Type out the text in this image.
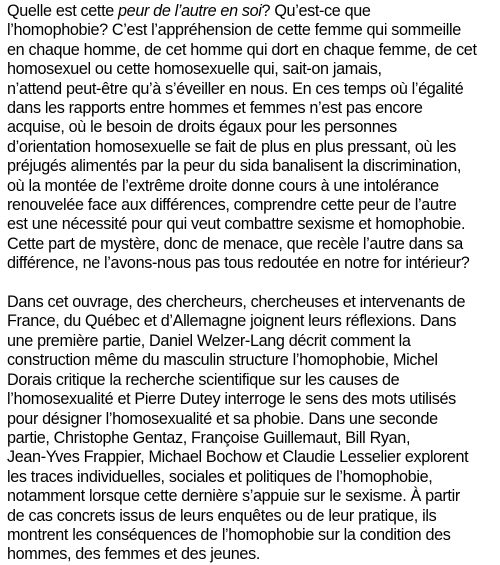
Quelle est cette peur de l’autre en soi? Qu’est-ce que
l’homophobie? C’est l’appréhension de cette femme qui sommeille
en chaque homme, de cet homme qui dort en chaque femme, de cet
homosexuel ou cette homosexuelle qui, sait-on jamais,
n’attend peut-être qu’à s’éveiller en nous. En ces temps où l’égalité
dans les rapports entre hommes et femmes n’est pas encore
acquise, où le besoin de droits égaux pour les personnes
d’orientation homosexuelle se fait de plus en plus pressant, où les
préjugés alimentés par la peur du sida banalisent la discrimination,
où la montée de l’extrême droite donne cours à une intolérance
renouvelée face aux différences, comprendre cette peur de l’autre
est une nécessité pour qui veut combattre sexisme et homophobie.
Cette part de mystère, donc de menace, que recèle l’autre dans sa
différence, ne l’avons-nous pas tous redoutée en notre for intérieur?

Dans cet ouvrage, des chercheurs, chercheuses et intervenants de
France, du Québec et d’Allemagne joignent leurs réflexions. Dans
une première partie, Daniel Welzer-Lang décrit comment la
construction même du masculin structure l’homophobie, Michel
Dorais critique la recherche scientifique sur les causes de
l’homosexualité et Pierre Dutey interroge le sens des mots utilisés
pour désigner l’homosexualité et sa phobie. Dans une seconde
partie, Christophe Gentaz, Françoise Guillemaut, Bill Ryan,
Jean-Yves Frappier, Michael Bochow et Claudie Lesselier explorent
les traces individuelles, sociales et politiques de l’homophobie,
notamment lorsque cette dernière s’appuie sur le sexisme. À partir
de cas concrets issus de leurs enquêtes ou de leur pratique, ils
montrent les conséquences de l’homophobie sur la condition des
hommes, des femmes et des jeunes.
